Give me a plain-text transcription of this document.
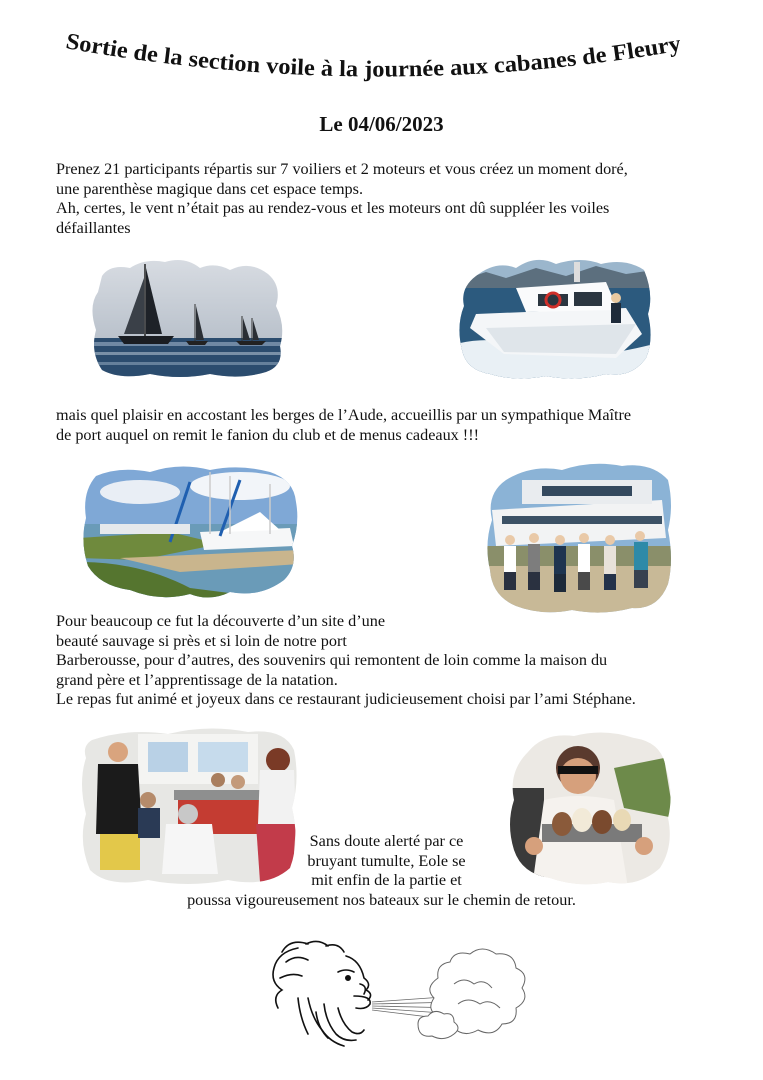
Sortie de la section voile à la journée aux cabanes de Fleury
Le 04/06/2023
Prenez 21 participants répartis sur 7 voiliers et 2 moteurs et vous créez un moment doré,
une parenthèse magique dans cet espace temps.
Ah, certes, le vent n’était pas au rendez-vous et les moteurs ont dû suppléer les voiles
défaillantes
mais quel plaisir en accostant les berges de l’Aude, accueillis par un sympathique Maître
de port auquel on remit le fanion du club et de menus cadeaux !!!
Pour beaucoup ce fut la découverte d’un site d’une
beauté sauvage si près et si loin de notre port
Barberousse, pour d’autres, des souvenirs qui remontent de loin comme la maison du
grand père et l’apprentissage de la natation.
Le repas fut animé et joyeux dans ce restaurant judicieusement choisi par l’ami Stéphane.
Sans doute alerté par ce
bruyant tumulte, Eole se
mit enfin de la partie et
poussa vigoureusement nos bateaux sur le chemin de retour.
